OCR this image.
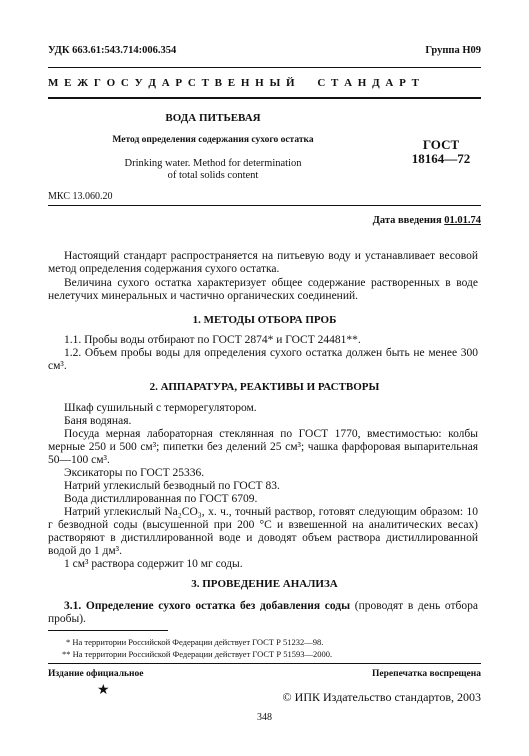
УДК 663.61:543.714:006.354	Группа Н09
М Е Ж Г О С У Д А Р С Т В Е Н Н Ы Й     С Т А Н Д А Р Т
ВОДА ПИТЬЕВАЯ
Метод определения содержания сухого остатка
Drinking water. Method for determination
of total solids content
ГОСТ
18164—72
МКС 13.060.20
Дата введения 01.01.74
Настоящий стандарт распространяется на питьевую воду и устанавливает весовой метод определения содержания сухого остатка.
Величина сухого остатка характеризует общее содержание растворенных в воде нелетучих минеральных и частично органических соединений.
1. МЕТОДЫ ОТБОРА ПРОБ
1.1. Пробы воды отбирают по ГОСТ 2874* и ГОСТ 24481**.
1.2. Объем пробы воды для определения сухого остатка должен быть не менее 300 см³.
2. АППАРАТУРА, РЕАКТИВЫ И РАСТВОРЫ
Шкаф сушильный с терморегулятором.
Баня водяная.
Посуда мерная лабораторная стеклянная по ГОСТ 1770, вместимостью: колбы мерные 250 и 500 см³; пипетки без делений 25 см³; чашка фарфоровая выпарительная 50—100 см³.
Эксикаторы по ГОСТ 25336.
Натрий углекислый безводный по ГОСТ 83.
Вода дистиллированная по ГОСТ 6709.
Натрий углекислый Na₂CO₃, х. ч., точный раствор, готовят следующим образом: 10 г безводной соды (высушенной при 200 °С и взвешенной на аналитических весах) растворяют в дистиллированной воде и доводят объем раствора дистиллированной водой до 1 дм³.
1 см³ раствора содержит 10 мг соды.
3. ПРОВЕДЕНИЕ АНАЛИЗА
3.1. Определение сухого остатка без добавления соды (проводят в день отбора пробы).
* На территории Российской Федерации действует ГОСТ Р 51232—98.
** На территории Российской Федерации действует ГОСТ Р 51593—2000.
Издание официальное	Перепечатка воспрещена
★	© ИПК Издательство стандартов, 2003
348
